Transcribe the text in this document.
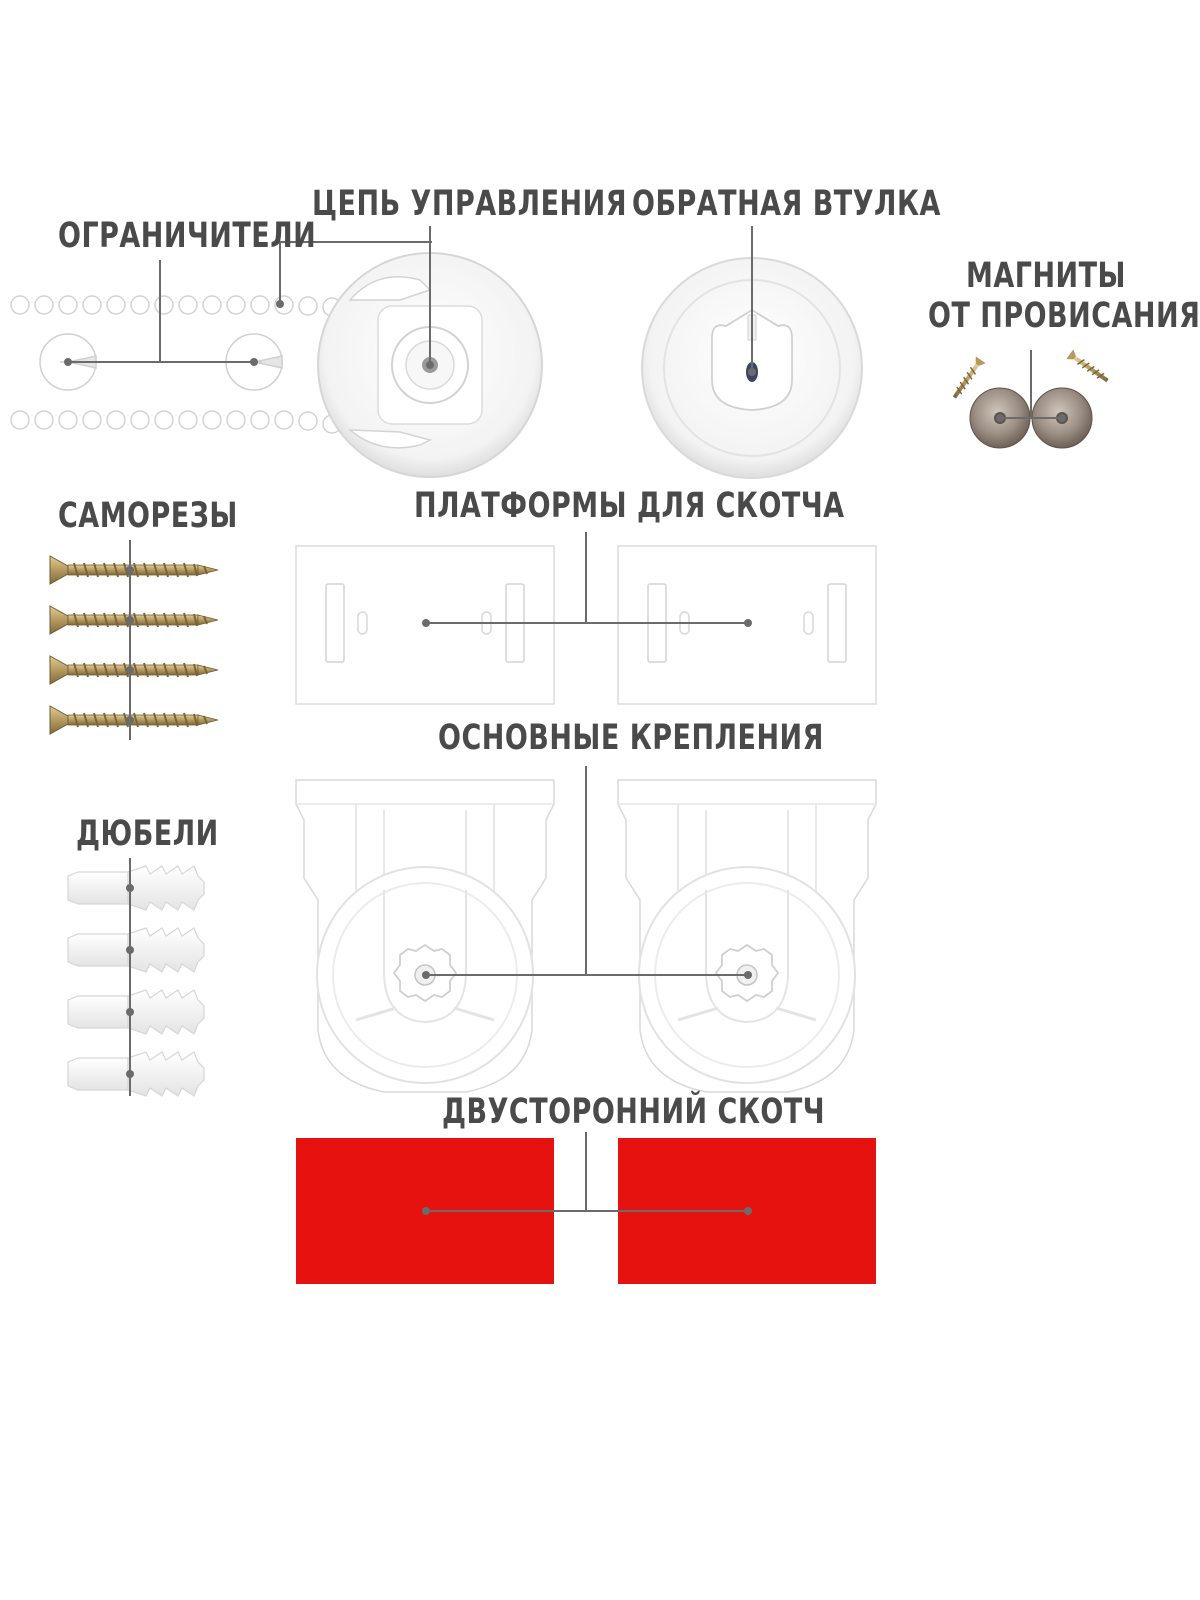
ЦЕПЬ УПРАВЛЕНИЯ ОБРАТНАЯ ВТУЛКА
ОГРАНИЧИТЕЛИ
МАГНИТЫ
ОТ ПРОВИСАНИЯ
САМОРЕЗЫ	ПЛАТФОРМЫ ДЛЯ СКОТЧА
ОСНОВНЫЕ КРЕПЛЕНИЯ
ДЮБЕЛИ
ДВУСТОРОННИЙ СКОТЧ
